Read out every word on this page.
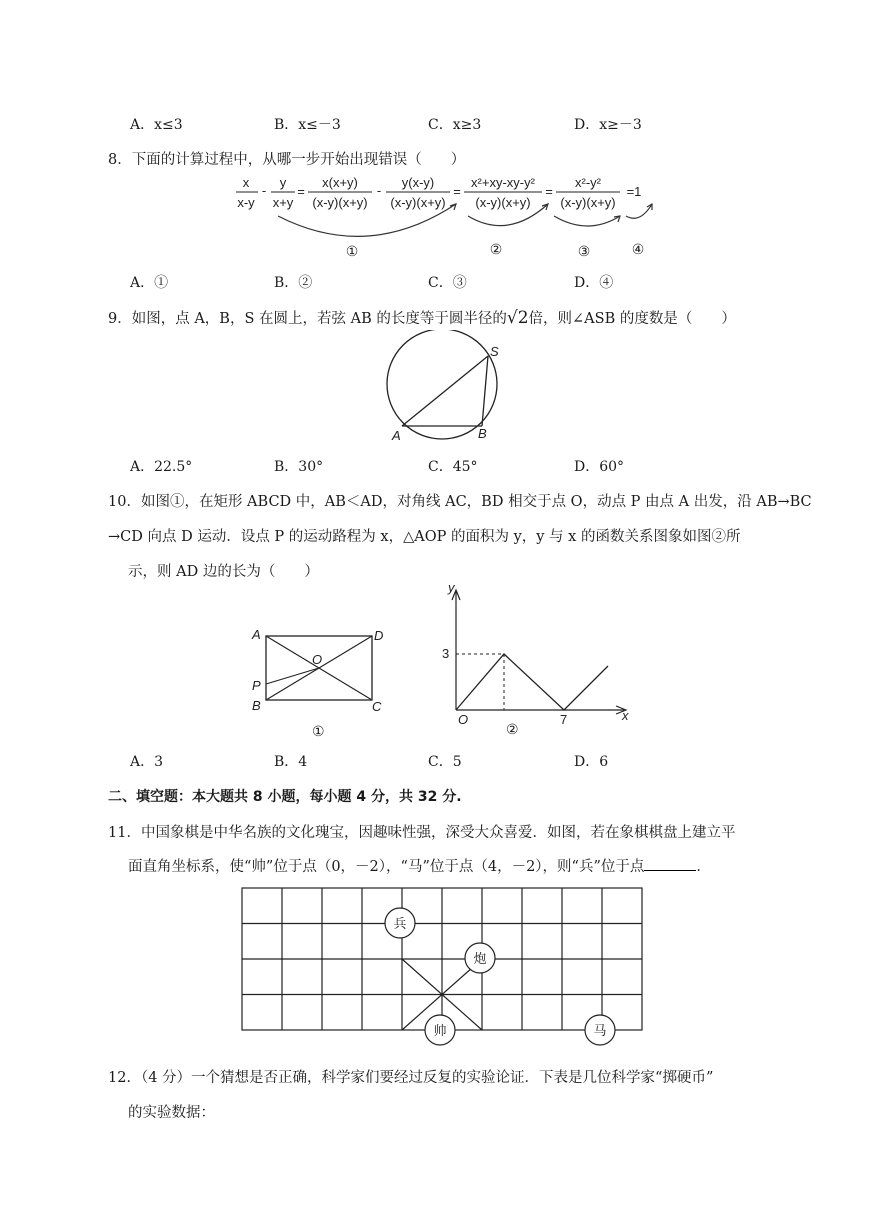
A．x≤3	B．x≤－3	C．x≥3	D．x≥－3
8．下面的计算过程中，从哪一步开始出现错误（　　）
x
x-y
-
y
x+y
=
x(x+y)
(x-y)(x+y)
-
y(x-y)
(x-y)(x+y)
=
x²+xy-xy-y²
(x-y)(x+y)
=
x²-y²
(x-y)(x+y)
=1
①	②	③	④
A．①	B．②	C．③	D．④
9．如图，点 A，B，S 在圆上，若弦 AB 的长度等于圆半径的√2倍，则∠ASB 的度数是（　　）
S
A	B
A．22.5°	B．30°	C．45°	D．60°
10．如图①，在矩形 ABCD 中，AB＜AD，对角线 AC，BD 相交于点 O，动点 P 由点 A 出发，沿 AB→BC
→CD 向点 D 运动．设点 P 的运动路程为 x，△AOP 的面积为 y，y 与 x 的函数关系图象如图②所
示，则 AD 边的长为（　　）
A	D
O
P
B	C
①
y
x
O
3
7
②
A．3	B．4	C．5	D．6
二、填空题：本大题共 8 小题，每小题 4 分，共 32 分.
11．中国象棋是中华名族的文化瑰宝，因趣味性强，深受大众喜爱．如图，若在象棋棋盘上建立平
面直角坐标系，使“帅”位于点（0，－2），“马”位于点（4，－2），则“兵”位于点	．
兵
炮
帅	马
12．（4 分）一个猜想是否正确，科学家们要经过反复的实验论证．下表是几位科学家“掷硬币”
的实验数据：
